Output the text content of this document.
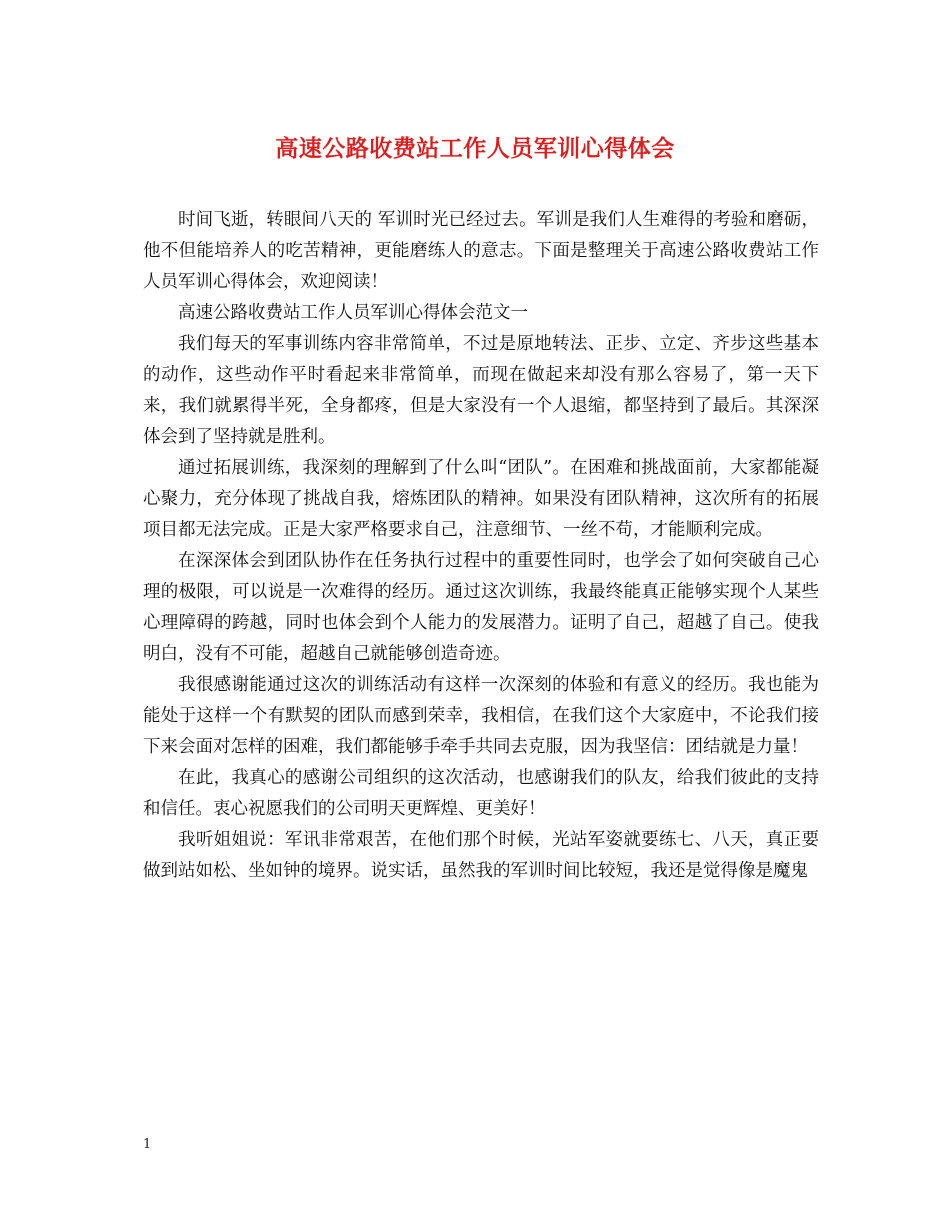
高速公路收费站工作人员军训心得体会

时间飞逝，转眼间八天的 军训时光已经过去。军训是我们人生难得的考验和磨砺，他不但能培养人的吃苦精神，更能磨练人的意志。下面是整理关于高速公路收费站工作人员军训心得体会，欢迎阅读！

高速公路收费站工作人员军训心得体会范文一

我们每天的军事训练内容非常简单，不过是原地转法、正步、立定、齐步这些基本的动作，这些动作平时看起来非常简单，而现在做起来却没有那么容易了，第一天下来，我们就累得半死，全身都疼，但是大家没有一个人退缩，都坚持到了最后。其深深体会到了坚持就是胜利。

通过拓展训练，我深刻的理解到了什么叫“团队”。在困难和挑战面前，大家都能凝心聚力，充分体现了挑战自我，熔炼团队的精神。如果没有团队精神，这次所有的拓展项目都无法完成。正是大家严格要求自己，注意细节、一丝不苟，才能顺利完成。

在深深体会到团队协作在任务执行过程中的重要性同时，也学会了如何突破自己心理的极限，可以说是一次难得的经历。通过这次训练，我最终能真正能够实现个人某些心理障碍的跨越，同时也体会到个人能力的发展潜力。证明了自己，超越了自己。使我明白，没有不可能，超越自己就能够创造奇迹。

我很感谢能通过这次的训练活动有这样一次深刻的体验和有意义的经历。我也能为能处于这样一个有默契的团队而感到荣幸，我相信，在我们这个大家庭中，不论我们接下来会面对怎样的困难，我们都能够手牵手共同去克服，因为我坚信：团结就是力量！

在此，我真心的感谢公司组织的这次活动，也感谢我们的队友，给我们彼此的支持和信任。衷心祝愿我们的公司明天更辉煌、更美好！

我听姐姐说：军讯非常艰苦，在他们那个时候，光站军姿就要练七、八天，真正要做到站如松、坐如钟的境界。说实话，虽然我的军训时间比较短，我还是觉得像是魔鬼

1
